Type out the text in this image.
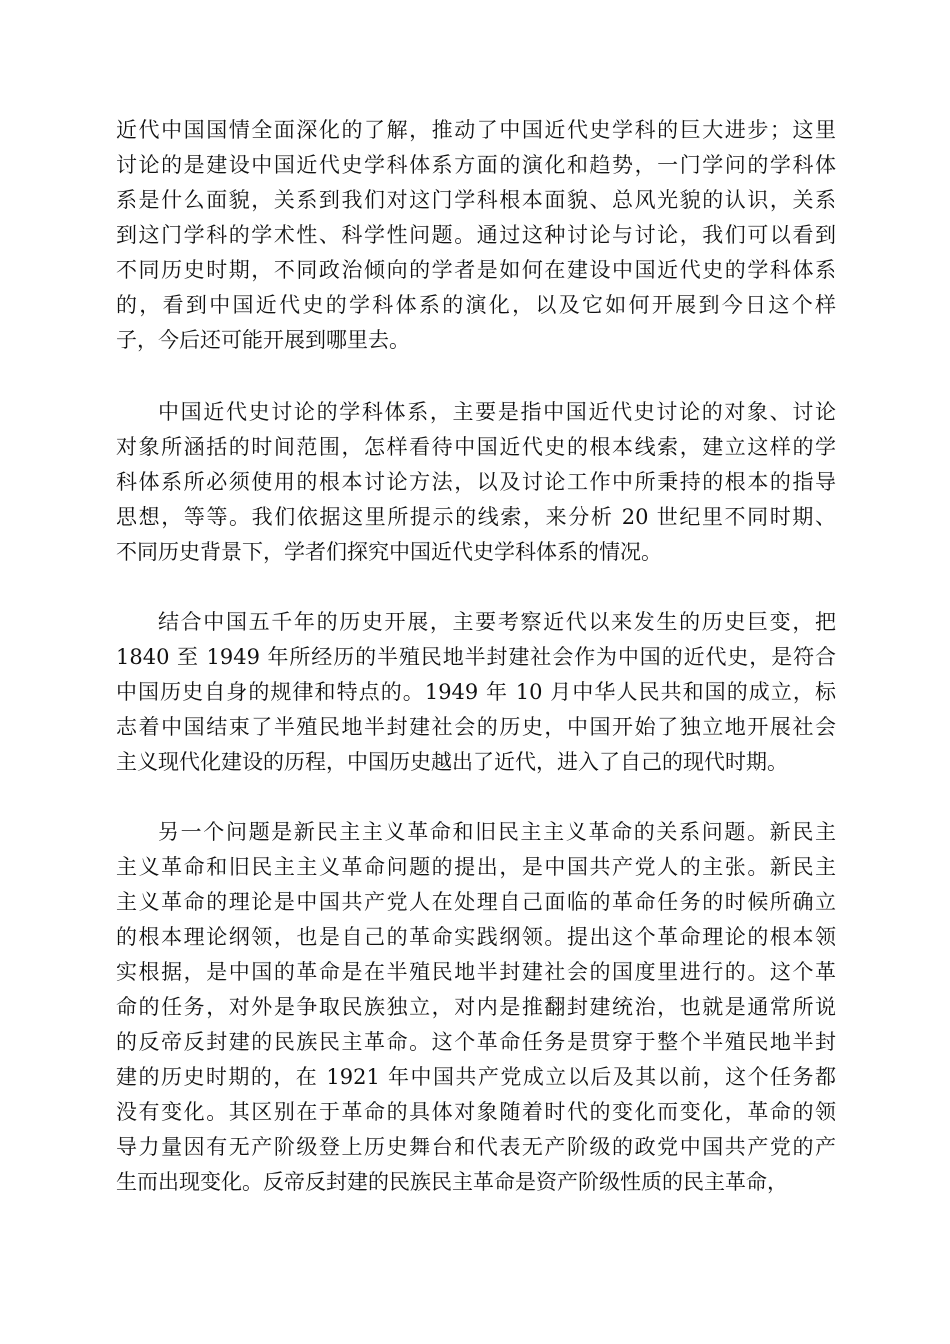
近代中国国情全面深化的了解，推动了中国近代史学科的巨大进步；这里
讨论的是建设中国近代史学科体系方面的演化和趋势，一门学问的学科体
系是什么面貌，关系到我们对这门学科根本面貌、总风光貌的认识，关系
到这门学科的学术性、科学性问题。通过这种讨论与讨论，我们可以看到
不同历史时期，不同政治倾向的学者是如何在建设中国近代史的学科体系
的，看到中国近代史的学科体系的演化，以及它如何开展到今日这个样
子，今后还可能开展到哪里去。
中国近代史讨论的学科体系，主要是指中国近代史讨论的对象、讨论
对象所涵括的时间范围，怎样看待中国近代史的根本线索，建立这样的学
科体系所必须使用的根本讨论方法，以及讨论工作中所秉持的根本的指导
思想，等等。我们依据这里所提示的线索，来分析 20 世纪里不同时期、
不同历史背景下，学者们探究中国近代史学科体系的情况。
结合中国五千年的历史开展，主要考察近代以来发生的历史巨变，把
1840 至 1949 年所经历的半殖民地半封建社会作为中国的近代史，是符合
中国历史自身的规律和特点的。1949 年 10 月中华人民共和国的成立，标
志着中国结束了半殖民地半封建社会的历史，中国开始了独立地开展社会
主义现代化建设的历程，中国历史越出了近代，进入了自己的现代时期。
另一个问题是新民主主义革命和旧民主主义革命的关系问题。新民主
主义革命和旧民主主义革命问题的提出，是中国共产党人的主张。新民主
主义革命的理论是中国共产党人在处理自己面临的革命任务的时候所确立
的根本理论纲领，也是自己的革命实践纲领。提出这个革命理论的根本领
实根据，是中国的革命是在半殖民地半封建社会的国度里进行的。这个革
命的任务，对外是争取民族独立，对内是推翻封建统治，也就是通常所说
的反帝反封建的民族民主革命。这个革命任务是贯穿于整个半殖民地半封
建的历史时期的，在 1921 年中国共产党成立以后及其以前，这个任务都
没有变化。其区别在于革命的具体对象随着时代的变化而变化，革命的领
导力量因有无产阶级登上历史舞台和代表无产阶级的政党中国共产党的产
生而出现变化。反帝反封建的民族民主革命是资产阶级性质的民主革命，
